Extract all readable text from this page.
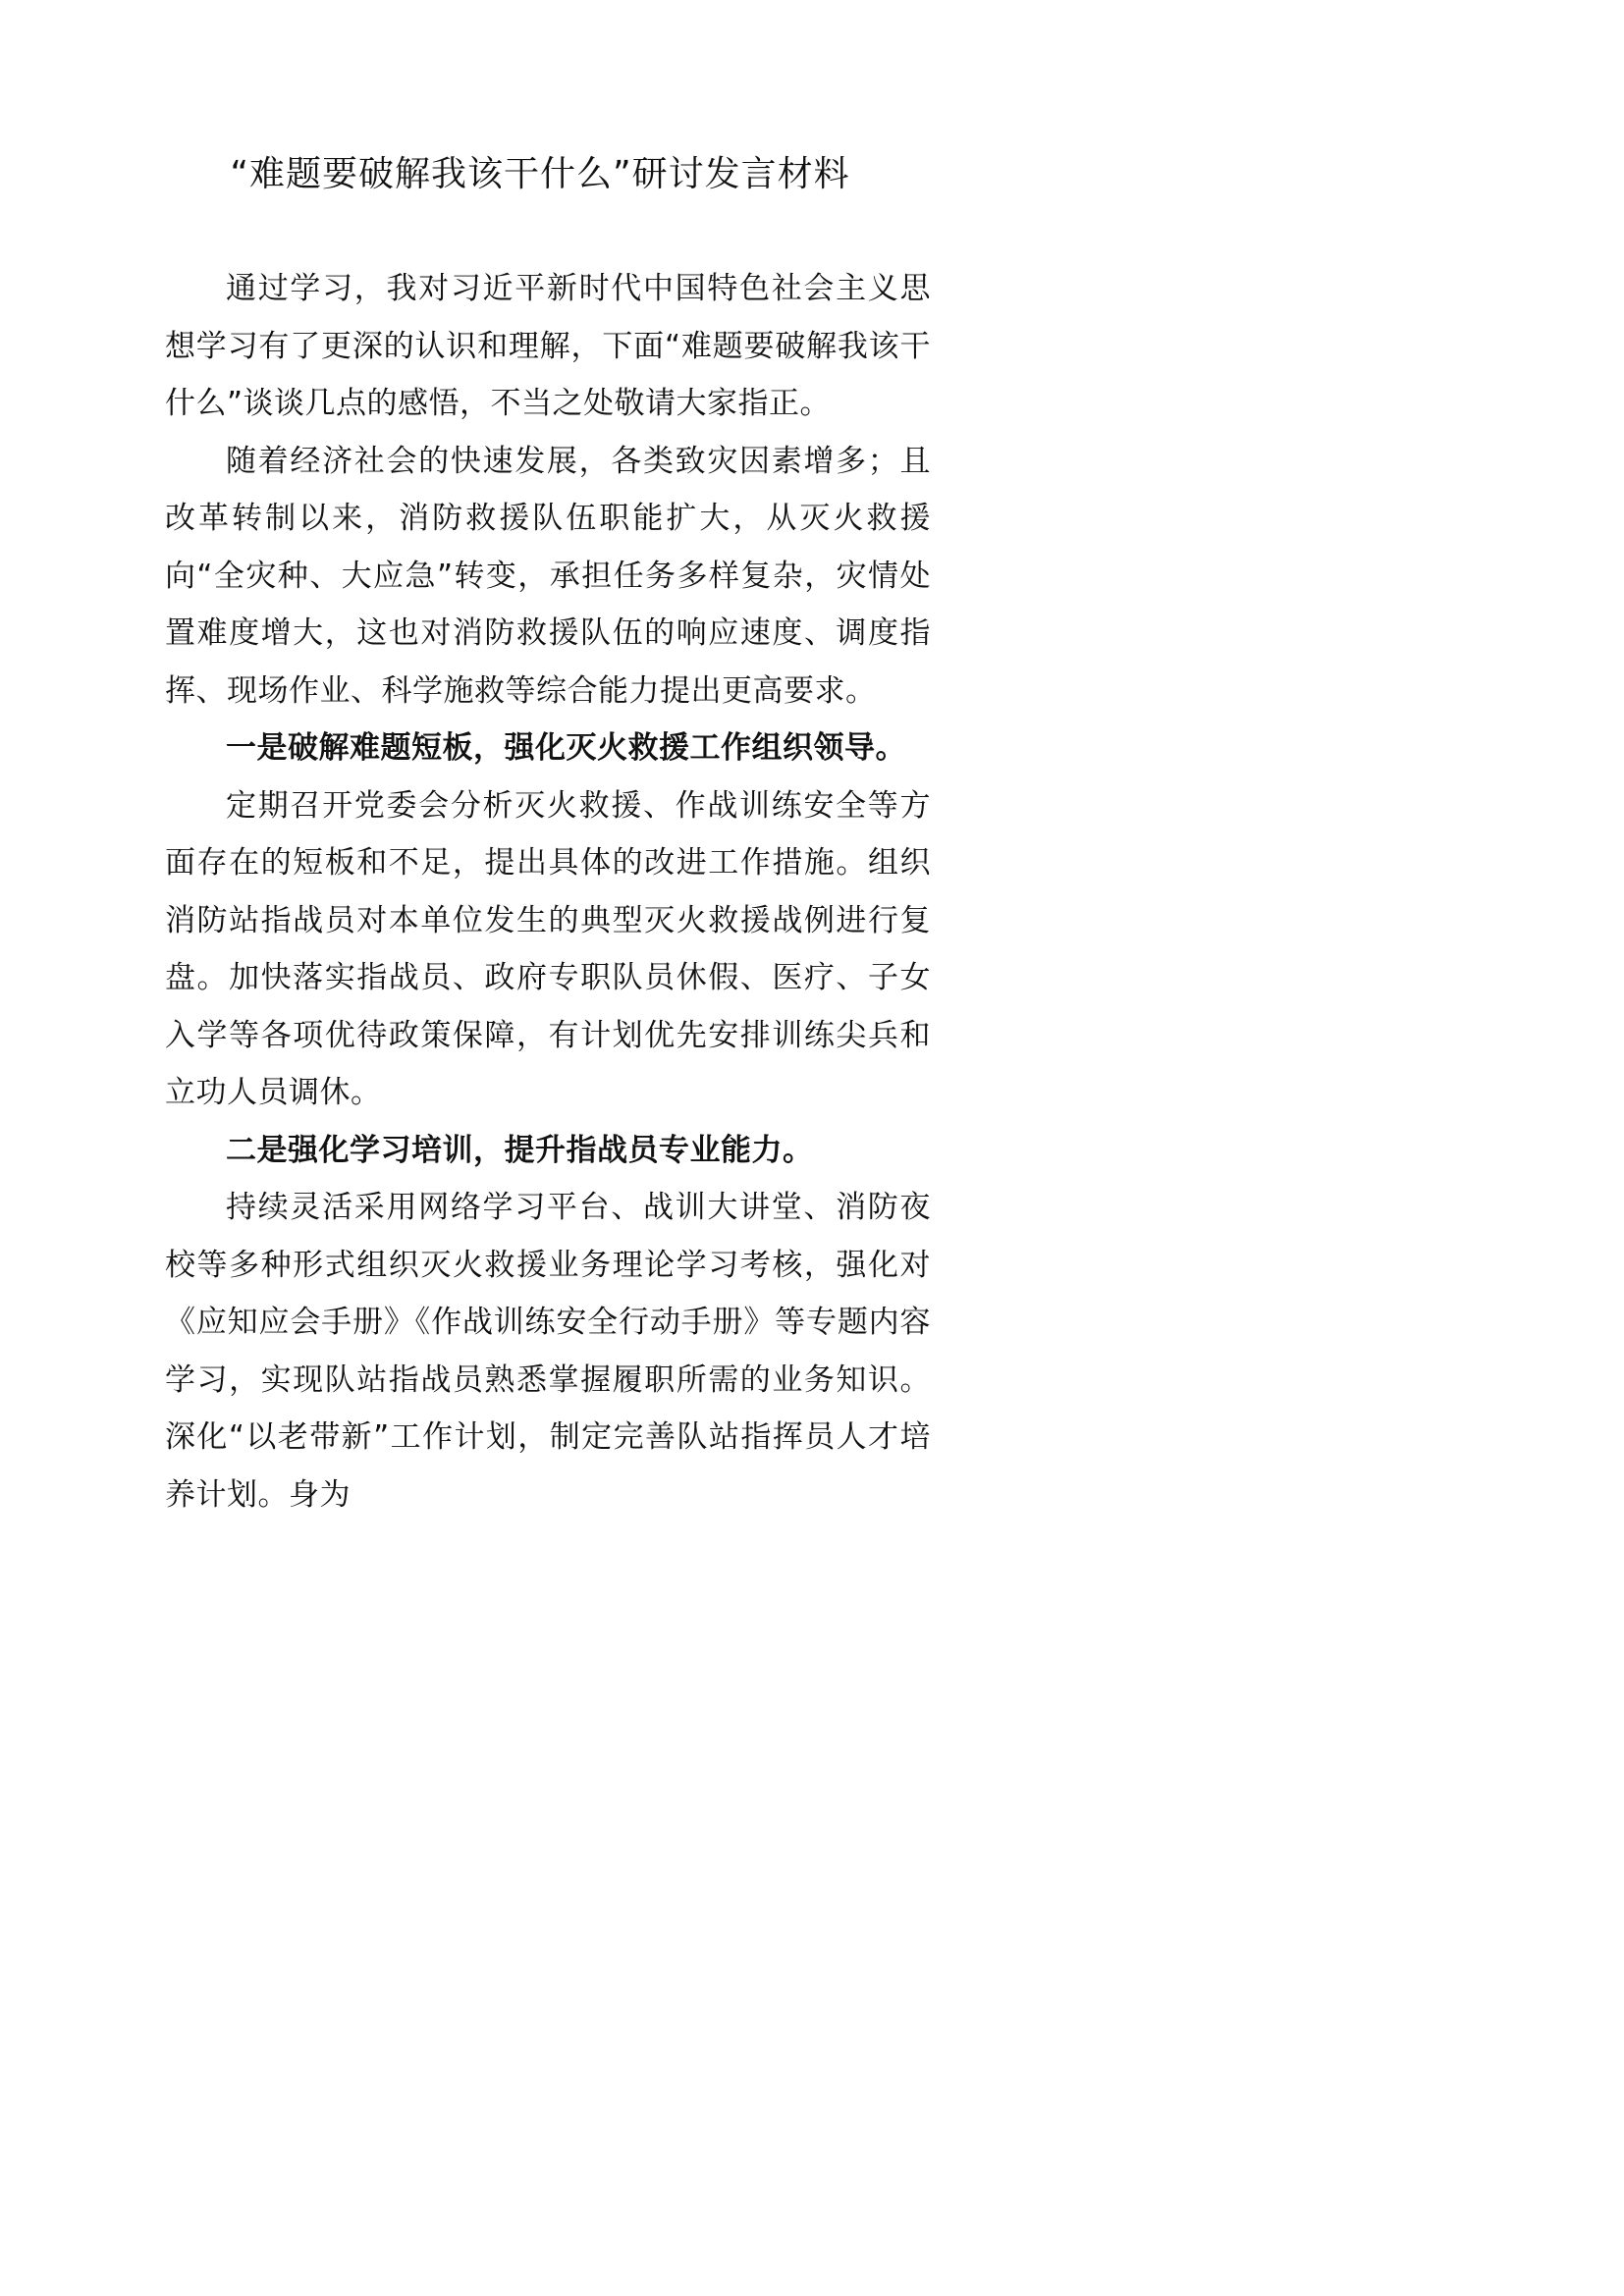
“难题要破解我该干什么”研讨发言材料

通过学习，我对习近平新时代中国特色社会主义思想学习有了更深的认识和理解，下面“难题要破解我该干什么”谈谈几点的感悟，不当之处敬请大家指正。

随着经济社会的快速发展，各类致灾因素增多；且改革转制以来，消防救援队伍职能扩大，从灭火救援向“全灾种、大应急”转变，承担任务多样复杂，灾情处置难度增大，这也对消防救援队伍的响应速度、调度指挥、现场作业、科学施救等综合能力提出更高要求。

一是破解难题短板，强化灭火救援工作组织领导。

定期召开党委会分析灭火救援、作战训练安全等方面存在的短板和不足，提出具体的改进工作措施。组织消防站指战员对本单位发生的典型灭火救援战例进行复盘。加快落实指战员、政府专职队员休假、医疗、子女入学等各项优待政策保障，有计划优先安排训练尖兵和立功人员调休。

二是强化学习培训，提升指战员专业能力。

持续灵活采用网络学习平台、战训大讲堂、消防夜校等多种形式组织灭火救援业务理论学习考核，强化对《应知应会手册》《作战训练安全行动手册》等专题内容学习，实现队站指战员熟悉掌握履职所需的业务知识。深化“以老带新”工作计划，制定完善队站指挥员人才培养计划。身为
